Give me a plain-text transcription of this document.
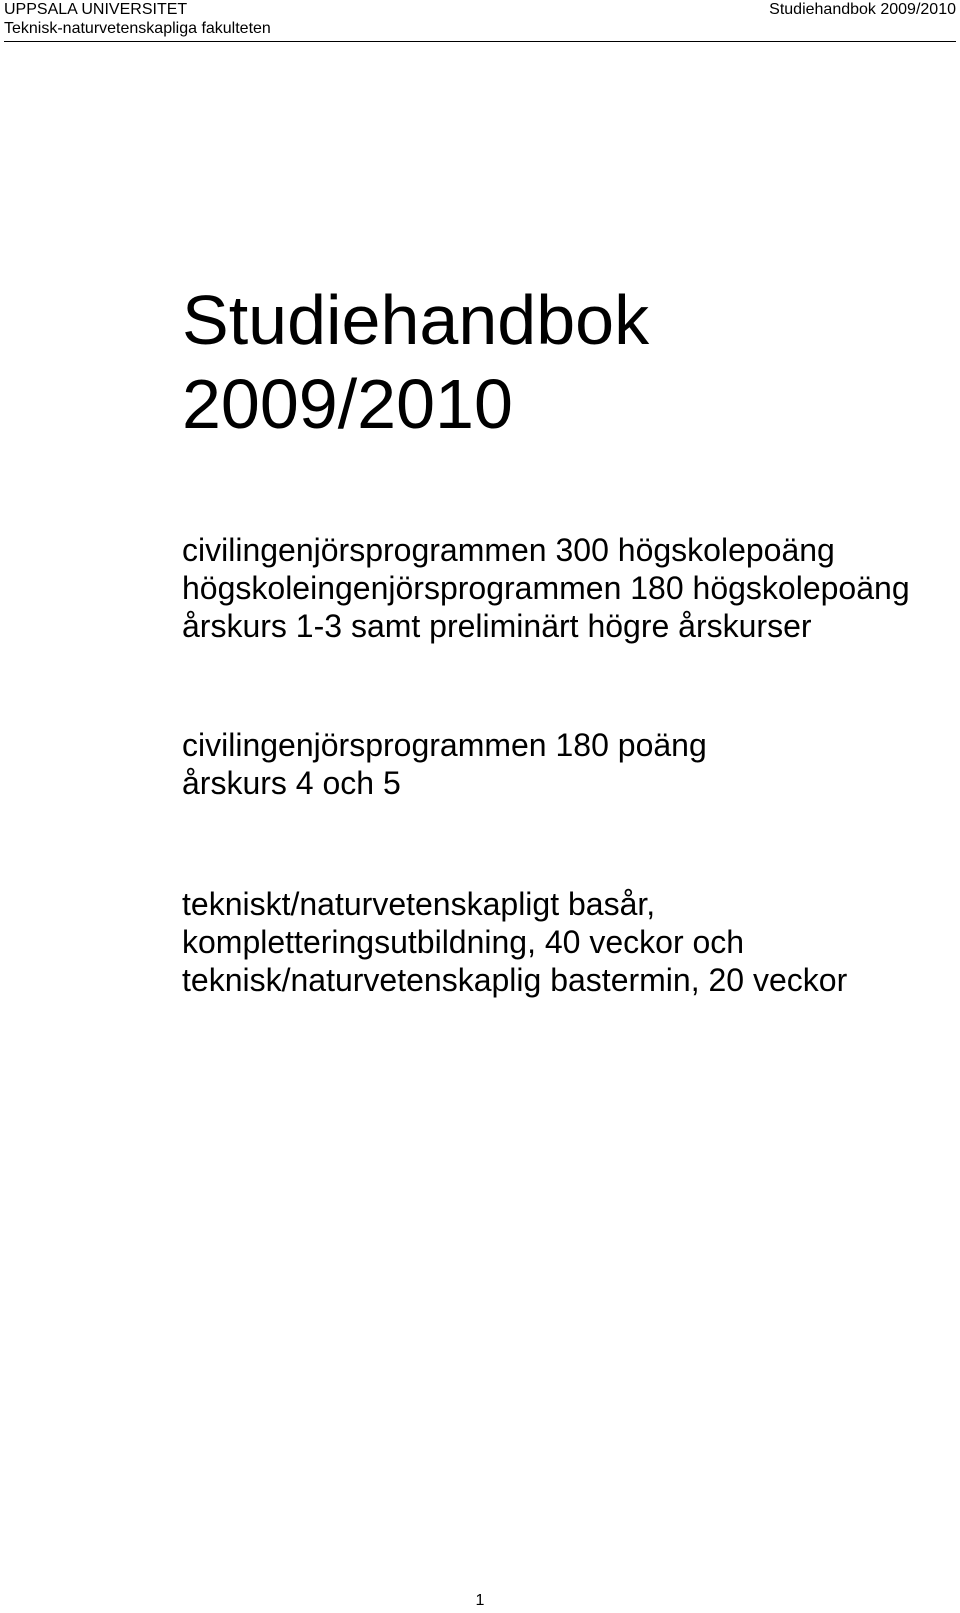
UPPSALA UNIVERSITET
Teknisk-naturvetenskapliga fakulteten
Studiehandbok 2009/2010
Studiehandbok
2009/2010
civilingenjörsprogrammen 300 högskolepoäng
högskoleingenjörsprogrammen 180 högskolepoäng
årskurs 1-3 samt preliminärt högre årskurser
civilingenjörsprogrammen 180 poäng
årskurs 4 och 5
tekniskt/naturvetenskapligt basår,
kompletteringsutbildning, 40 veckor och
teknisk/naturvetenskaplig bastermin, 20 veckor
1
